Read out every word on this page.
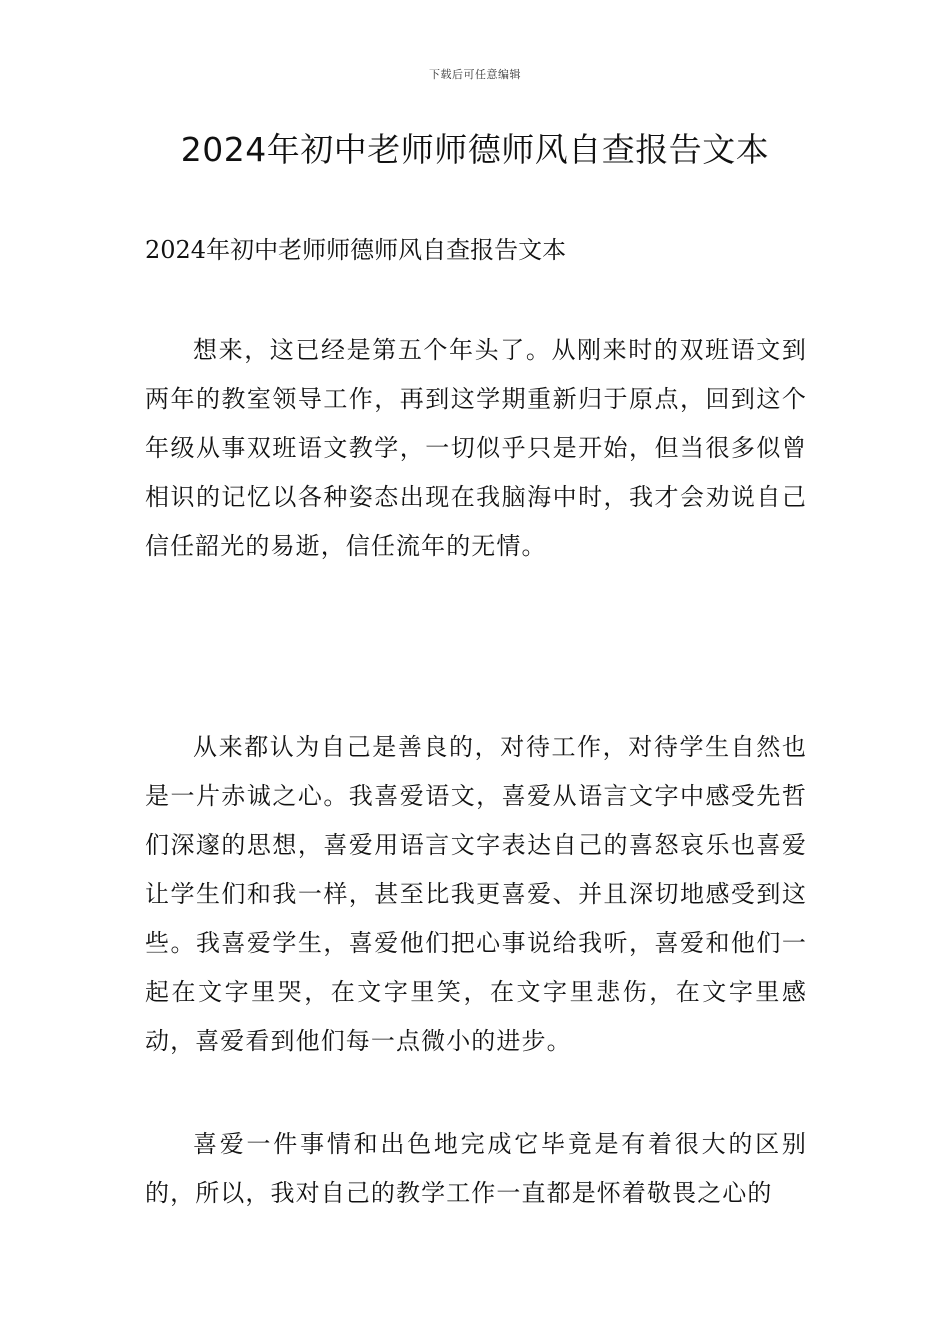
下载后可任意编辑
2024年初中老师师德师风自查报告文本

2024年初中老师师德师风自查报告文本

想来，这已经是第五个年头了。从刚来时的双班语文到两年的教室领导工作，再到这学期重新归于原点，回到这个年级从事双班语文教学，一切似乎只是开始，但当很多似曾相识的记忆以各种姿态出现在我脑海中时，我才会劝说自己信任韶光的易逝，信任流年的无情。

从来都认为自己是善良的，对待工作，对待学生自然也是一片赤诚之心。我喜爱语文，喜爱从语言文字中感受先哲们深邃的思想，喜爱用语言文字表达自己的喜怒哀乐也喜爱让学生们和我一样，甚至比我更喜爱、并且深切地感受到这些。我喜爱学生，喜爱他们把心事说给我听，喜爱和他们一起在文字里哭，在文字里笑，在文字里悲伤，在文字里感动，喜爱看到他们每一点微小的进步。

喜爱一件事情和出色地完成它毕竟是有着很大的区别的，所以，我对自己的教学工作一直都是怀着敬畏之心的
